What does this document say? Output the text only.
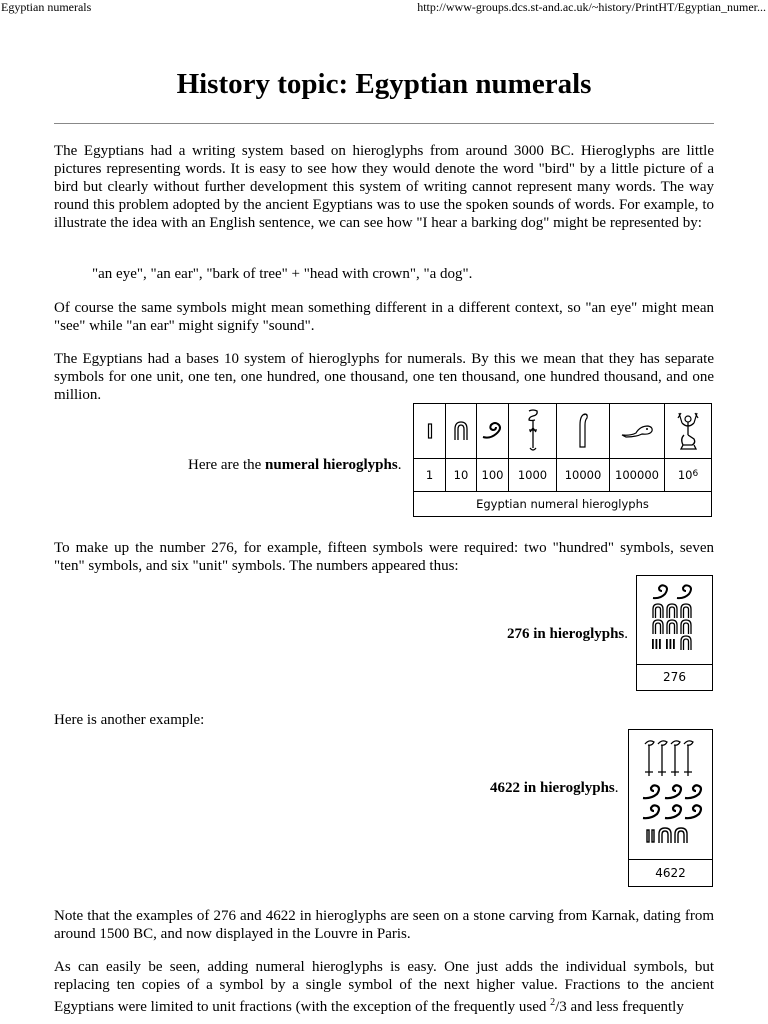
Egyptian numerals	http://www-groups.dcs.st-and.ac.uk/~history/PrintHT/Egyptian_numer...
History topic: Egyptian numerals

The Egyptians had a writing system based on hieroglyphs from around 3000 BC. Hieroglyphs are little pictures representing words. It is easy to see how they would denote the word "bird" by a little picture of a bird but clearly without further development this system of writing cannot represent many words. The way round this problem adopted by the ancient Egyptians was to use the spoken sounds of words. For example, to illustrate the idea with an English sentence, we can see how "I hear a barking dog" might be represented by:

"an eye", "an ear", "bark of tree" + "head with crown", "a dog".

Of course the same symbols might mean something different in a different context, so "an eye" might mean "see" while "an ear" might signify "sound".

The Egyptians had a bases 10 system of hieroglyphs for numerals. By this we mean that they has separate symbols for one unit, one ten, one hundred, one thousand, one ten thousand, one hundred thousand, and one million.

Here are the numeral hieroglyphs.
1	10	100	1000	10000	100000	$10^6$
Egyptian numeral hieroglyphs

To make up the number 276, for example, fifteen symbols were required: two "hundred" symbols, seven "ten" symbols, and six "unit" symbols. The numbers appeared thus:

276 in hieroglyphs.
276

Here is another example:

4622 in hieroglyphs.
4622

Note that the examples of 276 and 4622 in hieroglyphs are seen on a stone carving from Karnak, dating from around 1500 BC, and now displayed in the Louvre in Paris.

As can easily be seen, adding numeral hieroglyphs is easy. One just adds the individual symbols, but replacing ten copies of a symbol by a single symbol of the next higher value. Fractions to the ancient Egyptians were limited to unit fractions (with the exception of the frequently used $^2$/3 and less frequently
